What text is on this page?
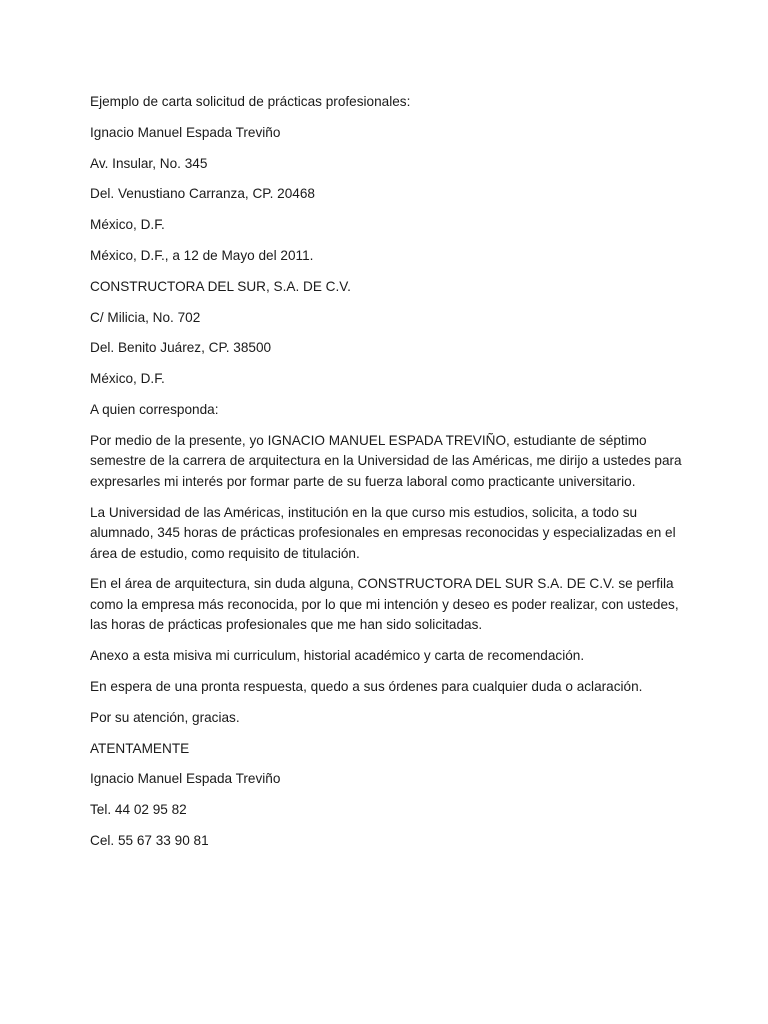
Ejemplo de carta solicitud de prácticas profesionales:

Ignacio Manuel Espada Treviño

Av. Insular, No. 345

Del. Venustiano Carranza, CP. 20468

México, D.F.

México, D.F., a 12 de Mayo del 2011.

CONSTRUCTORA DEL SUR, S.A. DE C.V.

C/ Milicia, No. 702

Del. Benito Juárez, CP. 38500

México, D.F.

A quien corresponda:

Por medio de la presente, yo IGNACIO MANUEL ESPADA TREVIÑO, estudiante de séptimo semestre de la carrera de arquitectura en la Universidad de las Américas, me dirijo a ustedes para expresarles mi interés por formar parte de su fuerza laboral como practicante universitario.

La Universidad de las Américas, institución en la que curso mis estudios, solicita, a todo su alumnado, 345 horas de prácticas profesionales en empresas reconocidas y especializadas en el área de estudio, como requisito de titulación.

En el área de arquitectura, sin duda alguna, CONSTRUCTORA DEL SUR S.A. DE C.V. se perfila como la empresa más reconocida, por lo que mi intención y deseo es poder realizar, con ustedes, las horas de prácticas profesionales que me han sido solicitadas.

Anexo a esta misiva mi curriculum, historial académico y carta de recomendación.

En espera de una pronta respuesta, quedo a sus órdenes para cualquier duda o aclaración.

Por su atención, gracias.

ATENTAMENTE

Ignacio Manuel Espada Treviño

Tel. 44 02 95 82

Cel. 55 67 33 90 81
